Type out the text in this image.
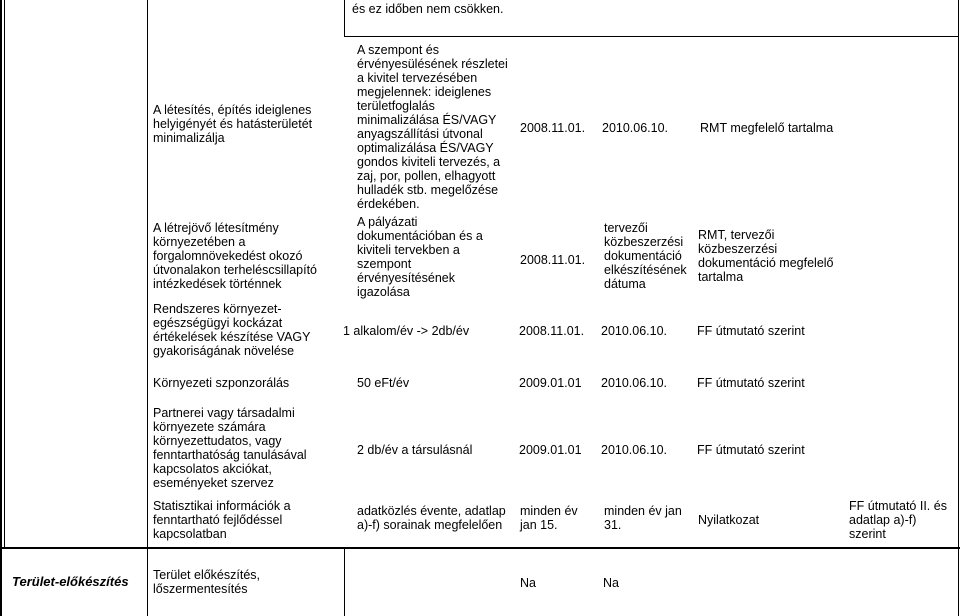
és ez időben nem csökken.

A létesítés, építés ideiglenes helyigényét és hatásterületét minimalizálja

A létrejövő létesítmény környezetében a forgalomnövekedést okozó útvonalakon terheléscsillapító intézkedések történnek

Rendszeres környezet-egészségügyi kockázat értékelések készítése VAGY gyakoriságának növelése

Környezeti szponzorálás

Partnerei vagy társadalmi környezete számára környezettudatos, vagy fenntarthatóság tanulásával kapcsolatos akciókat, eseményeket szervez

Statisztikai információk a fenntartható fejlődéssel kapcsolatban

Terület előkészítés, lőszermentesítés

A szempont és érvényesülésének részletei a kivitel tervezésében megjelennek: ideiglenes területfoglalás minimalizálása ÉS/VAGY anyagszállítási útvonal optimalizálása ÉS/VAGY gondos kiviteli tervezés, a zaj, por, pollen, elhagyott hulladék stb. megelőzése érdekében.

A pályázati dokumentációban és a kiviteli tervekben a szempont érvényesítésének igazolása

1 alkalom/év -> 2db/év

50 eFt/év

2 db/év a társulásnál

adatközlés évente, adatlap a)-f) sorainak megfelelően

2008.11.01.

2008.11.01.

2008.11.01.

2009.01.01

2009.01.01

minden év jan 15.

Na

2010.06.10.

tervezői közbeszerzési dokumentáció elkészítésének dátuma

2010.06.10.

2010.06.10.

2010.06.10.

minden év jan 31.

Na

RMT megfelelő tartalma

RMT, tervezői közbeszerzési dokumentáció megfelelő tartalma

FF útmutató szerint

FF útmutató szerint

FF útmutató szerint

Nyilatkozat

FF útmutató II. és adatlap a)-f) szerint

Terület-előkészítés
